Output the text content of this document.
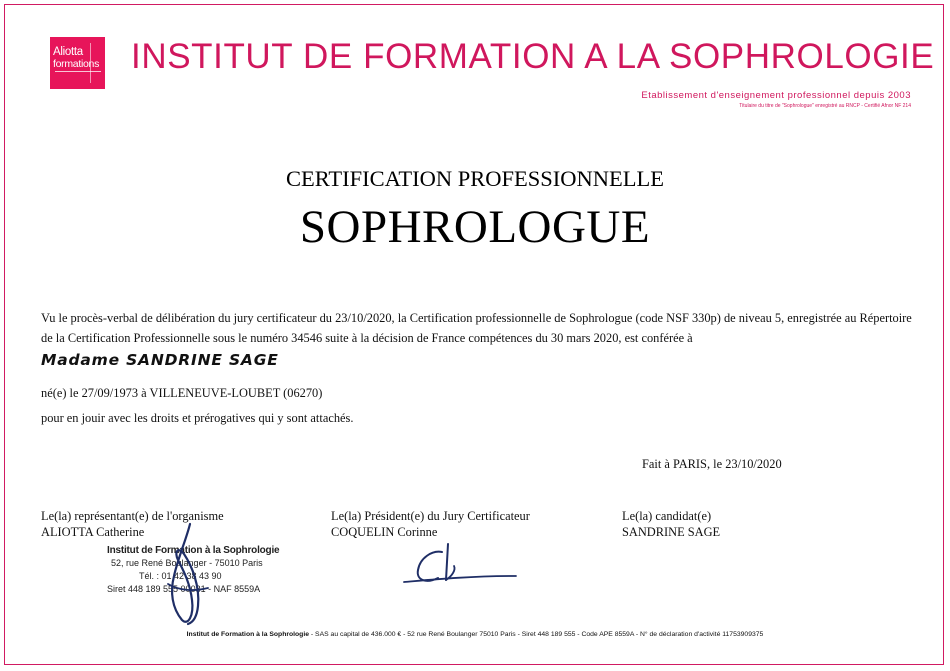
Aliotta
formations INSTITUT DE FORMATION A LA SOPHROLOGIE
Etablissement d'enseignement professionnel depuis 2003
Titulaire du titre de "Sophrologue" enregistré au RNCP - Certifié Afnor NF 214
CERTIFICATION PROFESSIONNELLE
SOPHROLOGUE
Vu le procès-verbal de délibération du jury certificateur du 23/10/2020, la Certification professionnelle de Sophrologue (code NSF 330p) de niveau 5, enregistrée au Répertoire de la Certification Professionnelle sous le numéro 34546 suite à la décision de France compétences du 30 mars 2020, est conférée à
Madame SANDRINE SAGE
né(e) le 27/09/1973 à VILLENEUVE-LOUBET (06270)
pour en jouir avec les droits et prérogatives qui y sont attachés.
Fait à PARIS, le 23/10/2020
Le(la) représentant(e) de l'organisme
ALIOTTA Catherine
Le(la) Président(e) du Jury Certificateur
COQUELIN Corinne
Le(la) candidat(e)
SANDRINE SAGE
Institut de Formation à la Sophrologie
52, rue René Boulanger - 75010 Paris
Tél. : 01 42 38 43 90
Siret 448 189 555 00031 - NAF 8559A
Institut de Formation à la Sophrologie - SAS au capital de 436.000 € - 52 rue René Boulanger 75010 Paris - Siret 448 189 555 - Code APE 8559A - N° de déclaration d'activité 11753909375
